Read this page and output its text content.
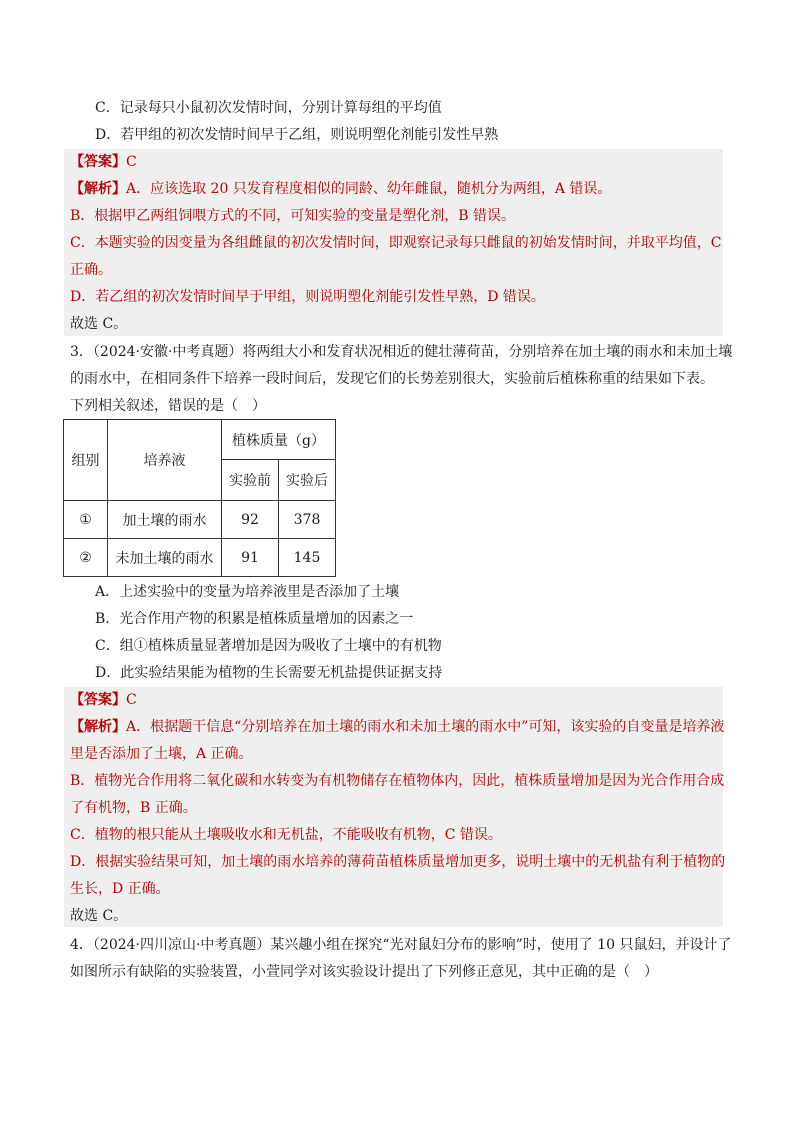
C．记录每只小鼠初次发情时间，分别计算每组的平均值
D．若甲组的初次发情时间早于乙组，则说明塑化剂能引发性早熟
【答案】C
【解析】A．应该选取 20 只发育程度相似的同龄、幼年雌鼠，随机分为两组，A 错误。
B．根据甲乙两组饲喂方式的不同，可知实验的变量是塑化剂，B 错误。
C．本题实验的因变量为各组雌鼠的初次发情时间，即观察记录每只雌鼠的初始发情时间，并取平均值，C
正确。
D．若乙组的初次发情时间早于甲组，则说明塑化剂能引发性早熟，D 错误。
故选 C。
3．（2024·安徽·中考真题）将两组大小和发育状况相近的健壮薄荷苗，分别培养在加土壤的雨水和未加土壤
的雨水中，在相同条件下培养一段时间后，发现它们的长势差别很大，实验前后植株称重的结果如下表。
下列相关叙述，错误的是（　）
组别	培养液	植株质量（g）	
		实验前	实验后
①	加土壤的雨水	92	378
②	未加土壤的雨水	91	145
A．上述实验中的变量为培养液里是否添加了土壤
B．光合作用产物的积累是植株质量增加的因素之一
C．组①植株质量显著增加是因为吸收了土壤中的有机物
D．此实验结果能为植物的生长需要无机盐提供证据支持
【答案】C
【解析】A．根据题干信息“分别培养在加土壤的雨水和未加土壤的雨水中”可知，该实验的自变量是培养液
里是否添加了土壤，A 正确。
B．植物光合作用将二氧化碳和水转变为有机物储存在植物体内，因此，植株质量增加是因为光合作用合成
了有机物，B 正确。
C．植物的根只能从土壤吸收水和无机盐，不能吸收有机物，C 错误。
D．根据实验结果可知，加土壤的雨水培养的薄荷苗植株质量增加更多，说明土壤中的无机盐有利于植物的
生长，D 正确。
故选 C。
4．（2024·四川凉山·中考真题）某兴趣小组在探究“光对鼠妇分布的影响”时，使用了 10 只鼠妇，并设计了
如图所示有缺陷的实验装置，小萱同学对该实验设计提出了下列修正意见，其中正确的是（　）
